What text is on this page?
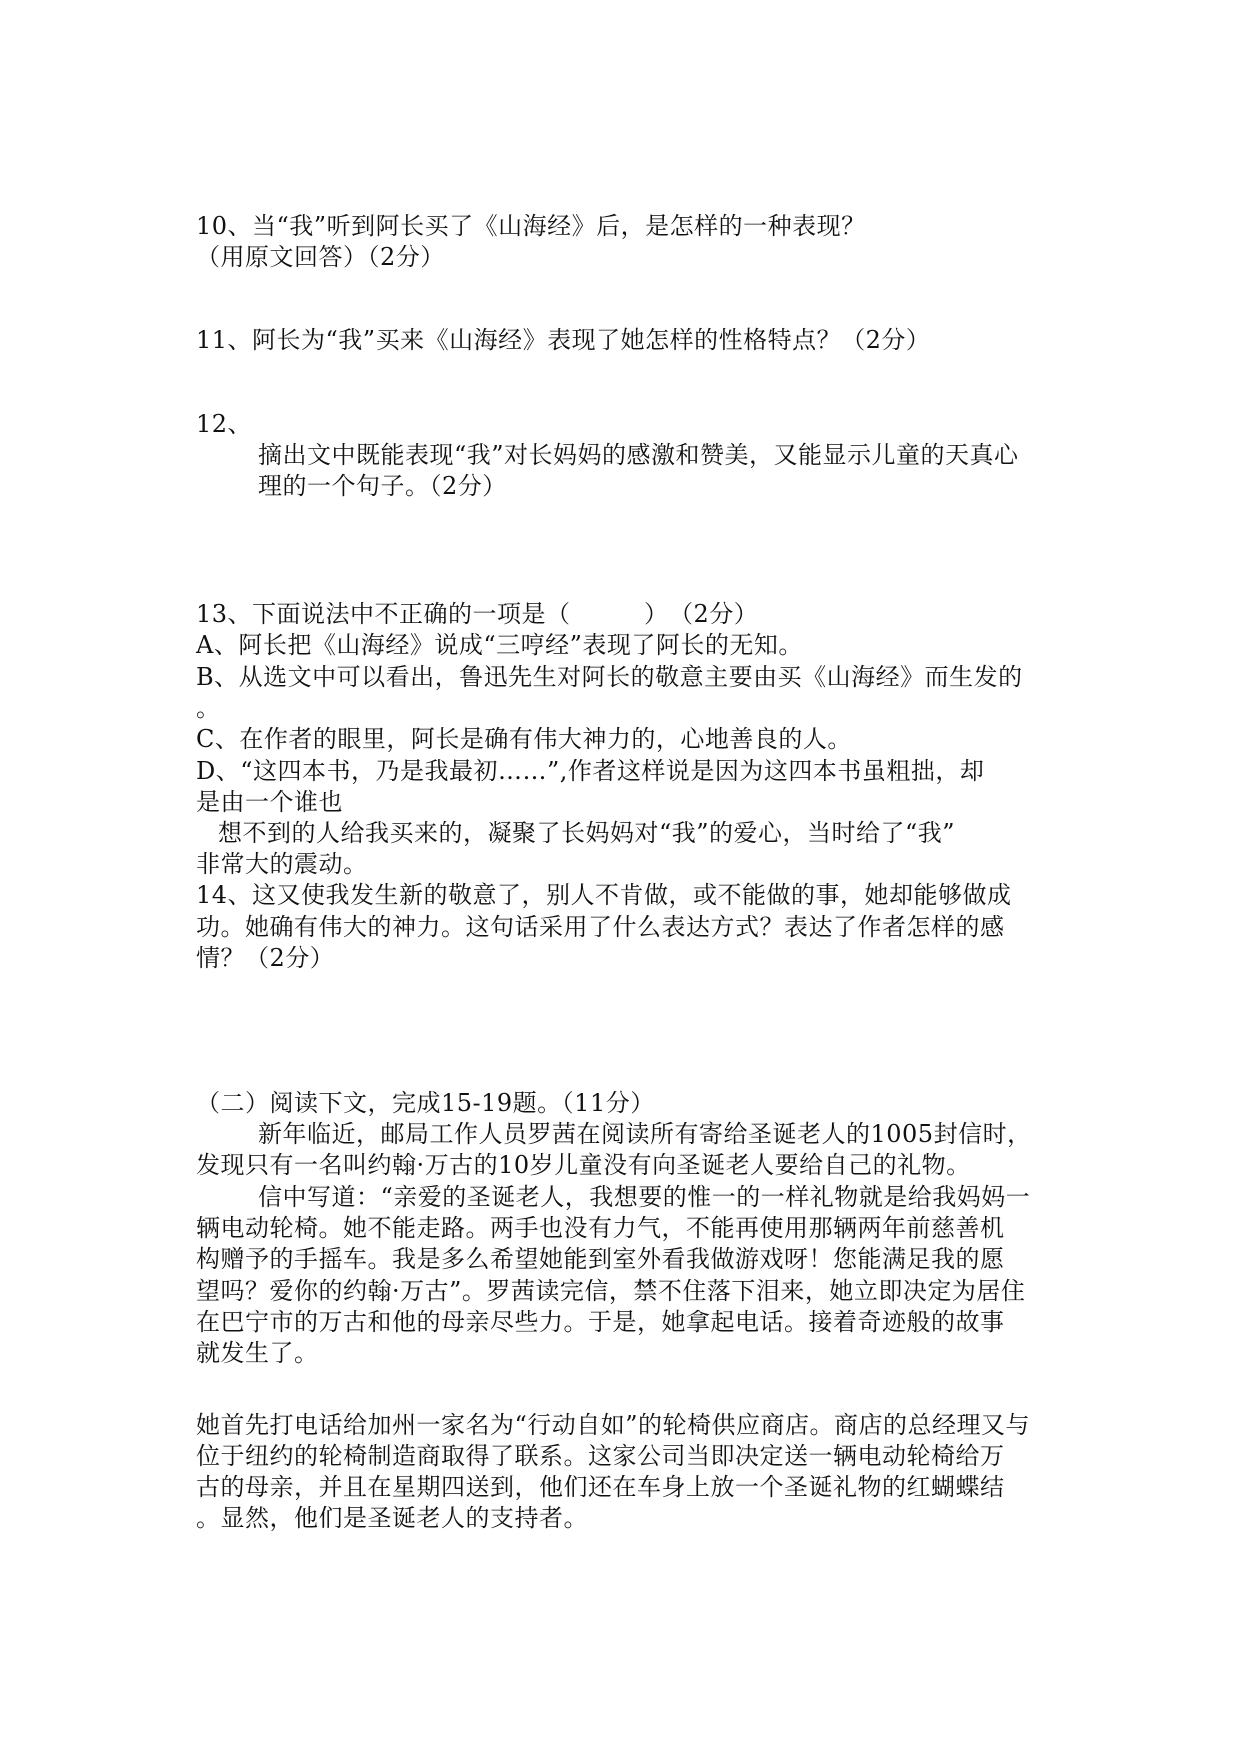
10、当“我”听到阿长买了《山海经》后，是怎样的一种表现？
（用原文回答）（2分）
11、阿长为“我”买来《山海经》表现了她怎样的性格特点？（2分）
12、
摘出文中既能表现“我”对长妈妈的感激和赞美，又能显示儿童的天真心
理的一个句子。（2分）
13、下面说法中不正确的一项是（　　　）　（2分）
A、阿长把《山海经》说成“三哼经”表现了阿长的无知。
B、从选文中可以看出，鲁迅先生对阿长的敬意主要由买《山海经》而生发的
。
C、在作者的眼里，阿长是确有伟大神力的，心地善良的人。
D、“这四本书，乃是我最初……”,作者这样说是因为这四本书虽粗拙，却
是由一个谁也
想不到的人给我买来的，凝聚了长妈妈对“我”的爱心，当时给了“我”
非常大的震动。
14、这又使我发生新的敬意了，别人不肯做，或不能做的事，她却能够做成
功。她确有伟大的神力。这句话采用了什么表达方式？表达了作者怎样的感
情？（2分）
（二）阅读下文，完成15-19题。（11分）
新年临近，邮局工作人员罗茜在阅读所有寄给圣诞老人的1005封信时，
发现只有一名叫约翰·万古的10岁儿童没有向圣诞老人要给自己的礼物。
信中写道：“亲爱的圣诞老人，我想要的惟一的一样礼物就是给我妈妈一
辆电动轮椅。她不能走路。两手也没有力气，不能再使用那辆两年前慈善机
构赠予的手摇车。我是多么希望她能到室外看我做游戏呀！您能满足我的愿
望吗？爱你的约翰·万古”。罗茜读完信，禁不住落下泪来，她立即决定为居住
在巴宁市的万古和他的母亲尽些力。于是，她拿起电话。接着奇迹般的故事
就发生了。
她首先打电话给加州一家名为“行动自如”的轮椅供应商店。商店的总经理又与
位于纽约的轮椅制造商取得了联系。这家公司当即决定送一辆电动轮椅给万
古的母亲，并且在星期四送到，他们还在车身上放一个圣诞礼物的红蝴蝶结
。显然，他们是圣诞老人的支持者。
